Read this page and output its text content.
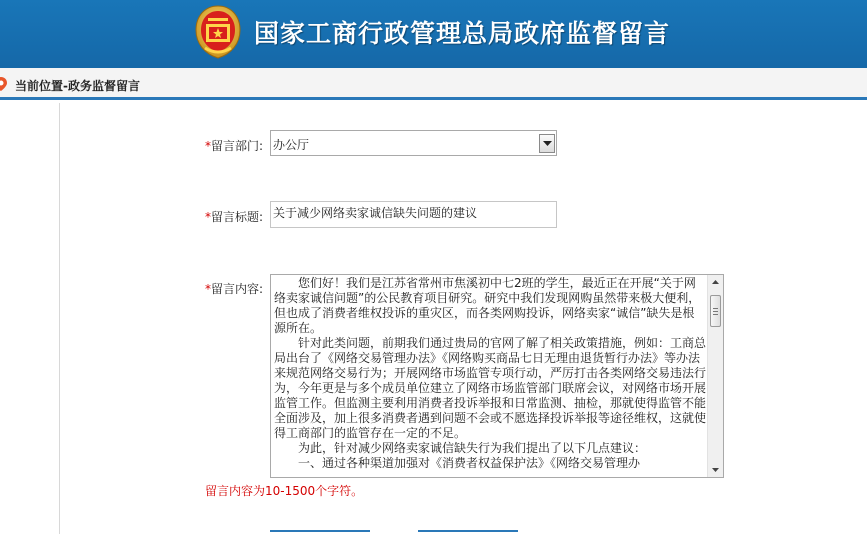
国家工商行政管理总局政府监督留言
当前位置-政务监督留言
*留言部门: 办公厅
*留言标题: 关于减少网络卖家诚信缺失问题的建议
*留言内容:	您们好！我们是江苏省常州市焦溪初中七2班的学生，最近正在开展“关于网络卖家诚信问题”的公民教育项目研究。研究中我们发现网购虽然带来极大便利，但也成了消费者维权投诉的重灾区，而各类网购投诉，网络卖家“诚信”缺失是根源所在。

针对此类问题，前期我们通过贵局的官网了解了相关政策措施，例如：工商总局出台了《网络交易管理办法》《网络购买商品七日无理由退货暂行办法》等办法来规范网络交易行为；开展网络市场监管专项行动，严厉打击各类网络交易违法行为，今年更是与多个成员单位建立了网络市场监管部门联席会议，对网络市场开展监管工作。但监测主要利用消费者投诉举报和日常监测、抽检，那就使得监管不能全面涉及，加上很多消费者遇到问题不会或不愿选择投诉举报等途径维权，这就使得工商部门的监管存在一定的不足。

为此，针对减少网络卖家诚信缺失行为我们提出了以下几点建议：

一、通过各种渠道加强对《消费者权益保护法》《网络交易管理办

留言内容为10-1500个字符。
